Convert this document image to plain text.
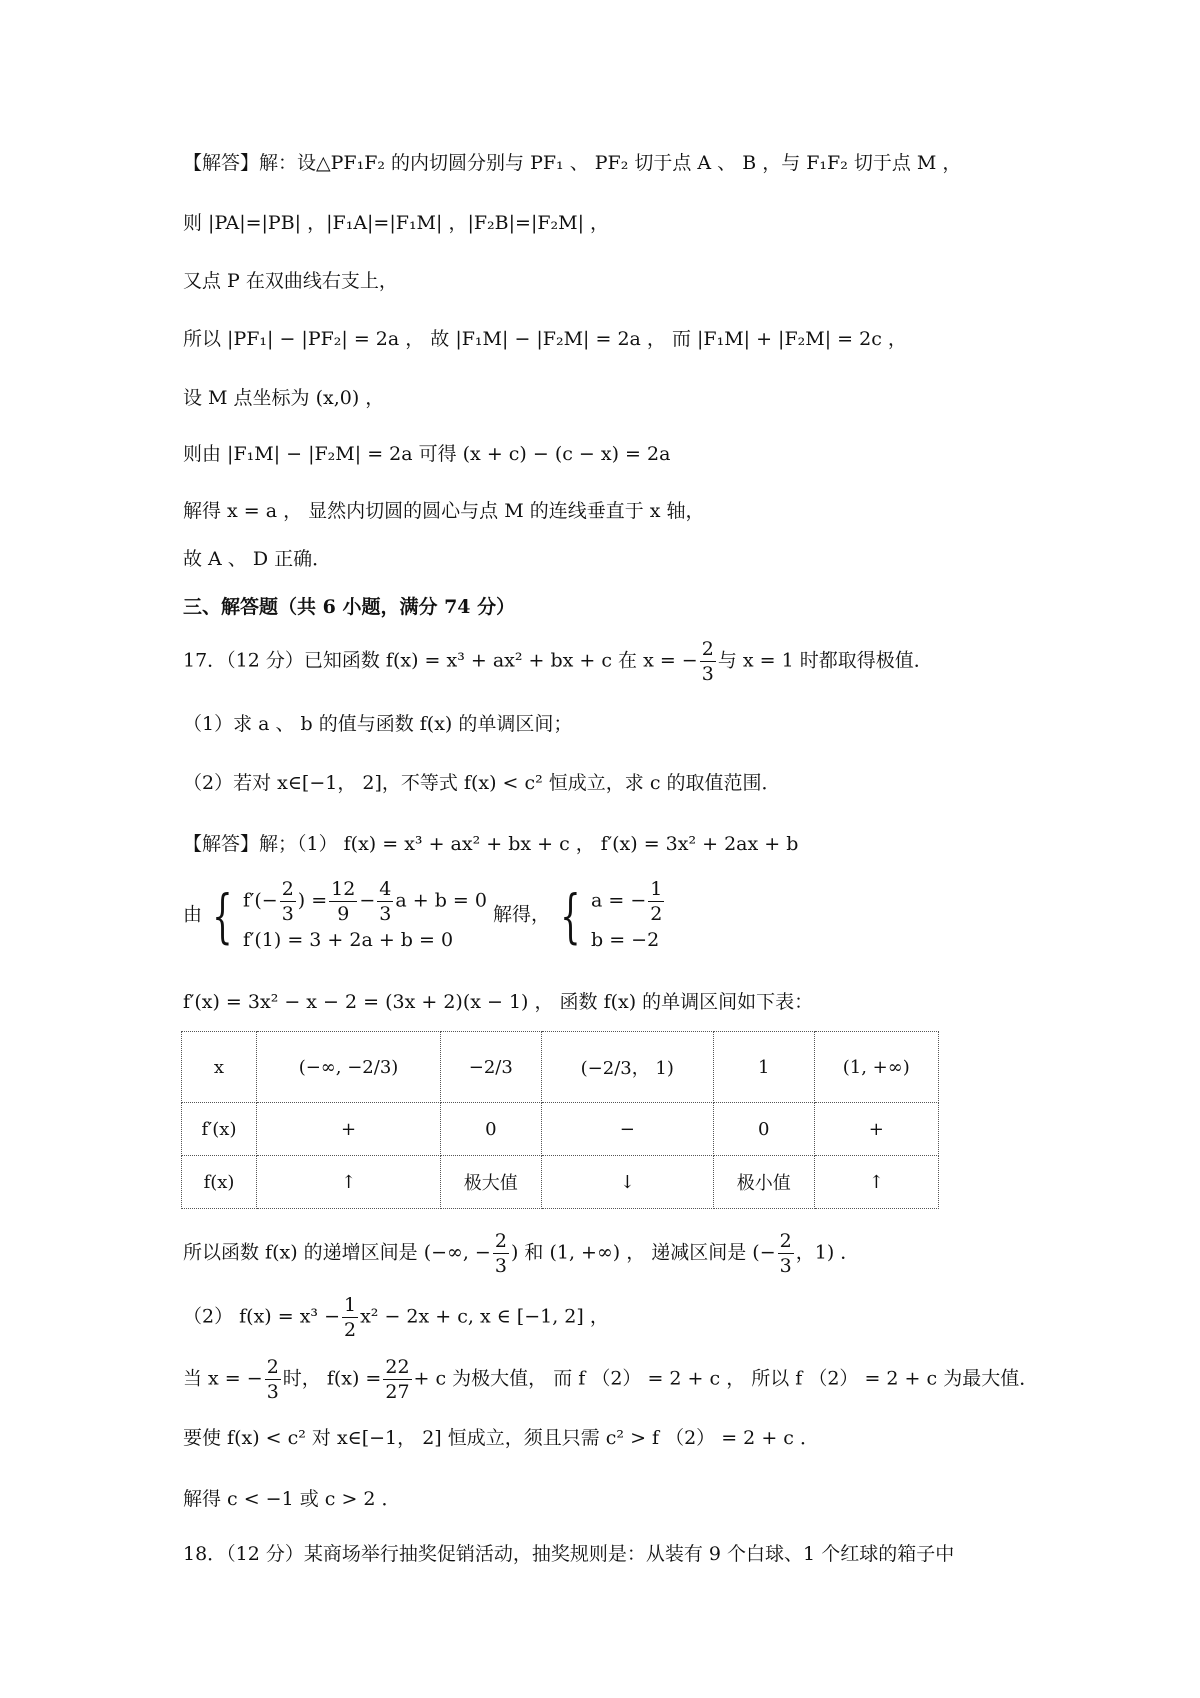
【解答】解：设△PF₁F₂ 的内切圆分别与 PF₁ 、 PF₂ 切于点 A 、 B ，与 F₁F₂ 切于点 M ，
则 |PA|=|PB| ，|F₁A|=|F₁M| ，|F₂B|=|F₂M| ，
又点 P 在双曲线右支上，
所以 |PF₁| − |PF₂| = 2a ， 故 |F₁M| − |F₂M| = 2a ， 而 |F₁M| + |F₂M| = 2c ，
设 M 点坐标为 (x,0) ，
则由 |F₁M| − |F₂M| = 2a 可得 (x + c) − (c − x) = 2a
解得 x = a ， 显然内切圆的圆心与点 M 的连线垂直于 x 轴，
故 A 、 D 正确．
三、解答题（共 6 小题，满分 74 分）
17．（12 分）已知函数 f(x) = x³ + ax² + bx + c 在 x = − $\frac{2}{3}$ 与 x = 1 时都取得极值．
（1）求 a 、 b 的值与函数 f(x) 的单调区间；
（2）若对 x∈[−1， 2]，不等式 f(x) < c² 恒成立，求 c 的取值范围．
【解答】解；（1） f(x) = x³ + ax² + bx + c ， f′(x) = 3x² + 2ax + b
由 { $f'(- \frac{2}{3}$ ) = $\frac{12}{9} - \frac{4}{3}$ a + b = 0
f′(1) = 3 + 2a + b = 0
解得， { a = − $\frac{1}{2}$
b = −2
f′(x) = 3x² − x − 2 = (3x + 2)(x − 1) ， 函数 f(x) 的单调区间如下表：
x	(−∞, −2/3)	−2/3	(−2/3， 1)	1	(1, +∞)
f′(x)	+	0	−	0	+
f(x)	↑	极大值	↓	极小值	↑
所以函数 f(x) 的递增区间是 (−∞, − $\frac{2}{3}$ ) 和 (1, +∞) ， 递减区间是 (− $\frac{2}{3}$ ，1) ．
（2） $f(x) = x^3 - \frac{1}{2} x^2 - 2x + c$, x ∈ [−1, 2] ，
当 x = − $\frac{2}{3}$ 时， $f(x) = \frac{22}{27} + c$ 为极大值， 而 f （2） = 2 + c ， 所以 f （2） = 2 + c 为最大值．
要使 f(x) < c² 对 x∈[−1， 2] 恒成立，须且只需 c² > f （2） = 2 + c ．
解得 c < −1 或 c > 2 ．
18．（12 分）某商场举行抽奖促销活动，抽奖规则是：从装有 9 个白球、1 个红球的箱子中
